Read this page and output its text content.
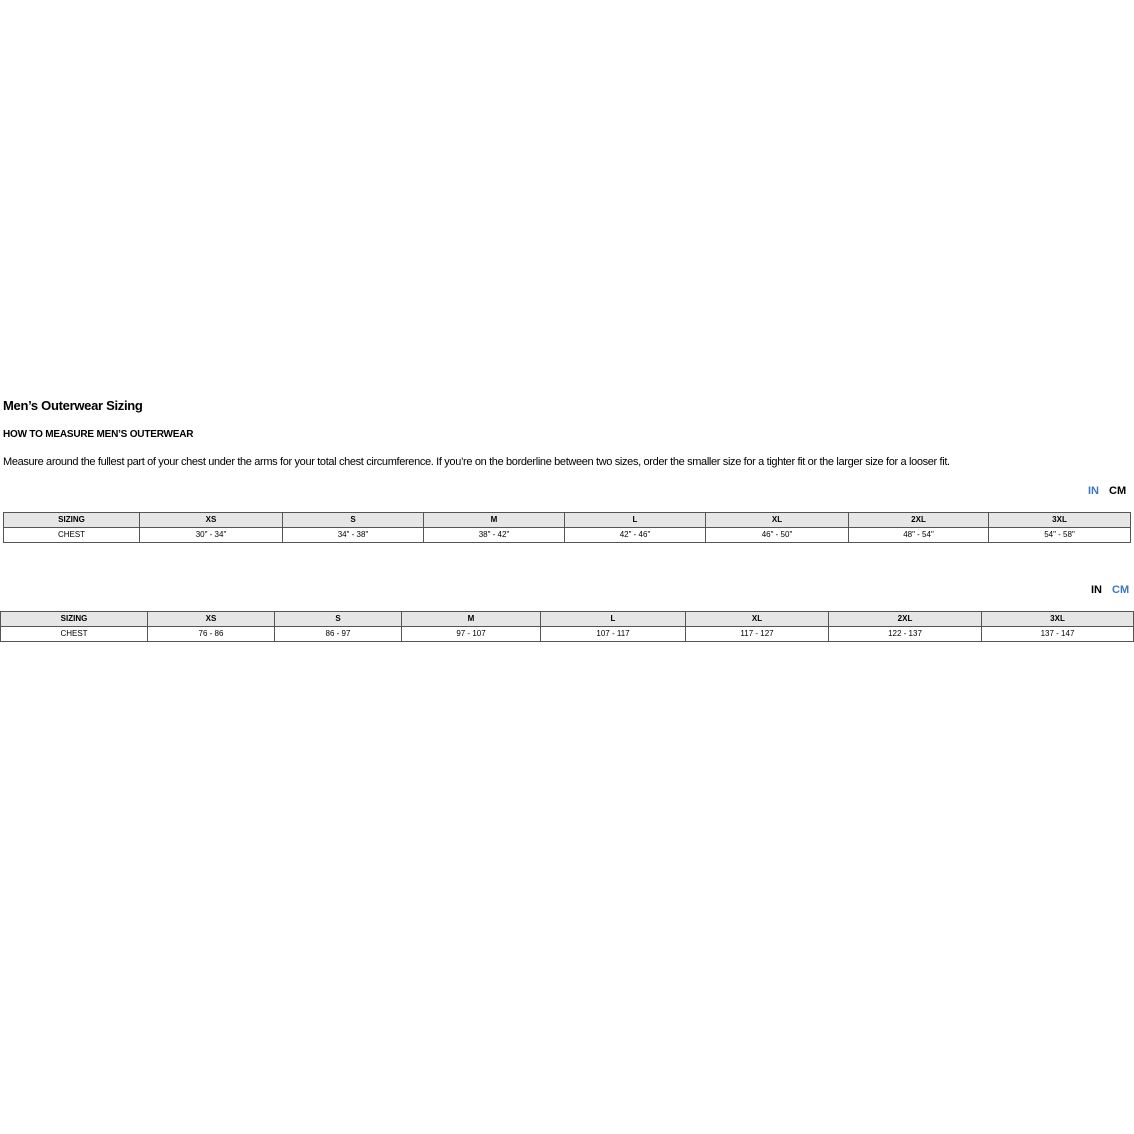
Men’s Outerwear Sizing
HOW TO MEASURE MEN’S OUTERWEAR
Measure around the fullest part of your chest under the arms for your total chest circumference. If you’re on the borderline between two sizes, order the smaller size for a tighter fit or the larger size for a looser fit.
IN CM
SIZING	XS	S	M	L	XL	2XL	3XL
CHEST	30" - 34"	34" - 38"	38" - 42"	42" - 46"	46" - 50"	48" - 54"	54" - 58"
IN CM
SIZING	XS	S	M	L	XL	2XL	3XL
CHEST	76 - 86	86 - 97	97 - 107	107 - 117	117 - 127	122 - 137	137 - 147
